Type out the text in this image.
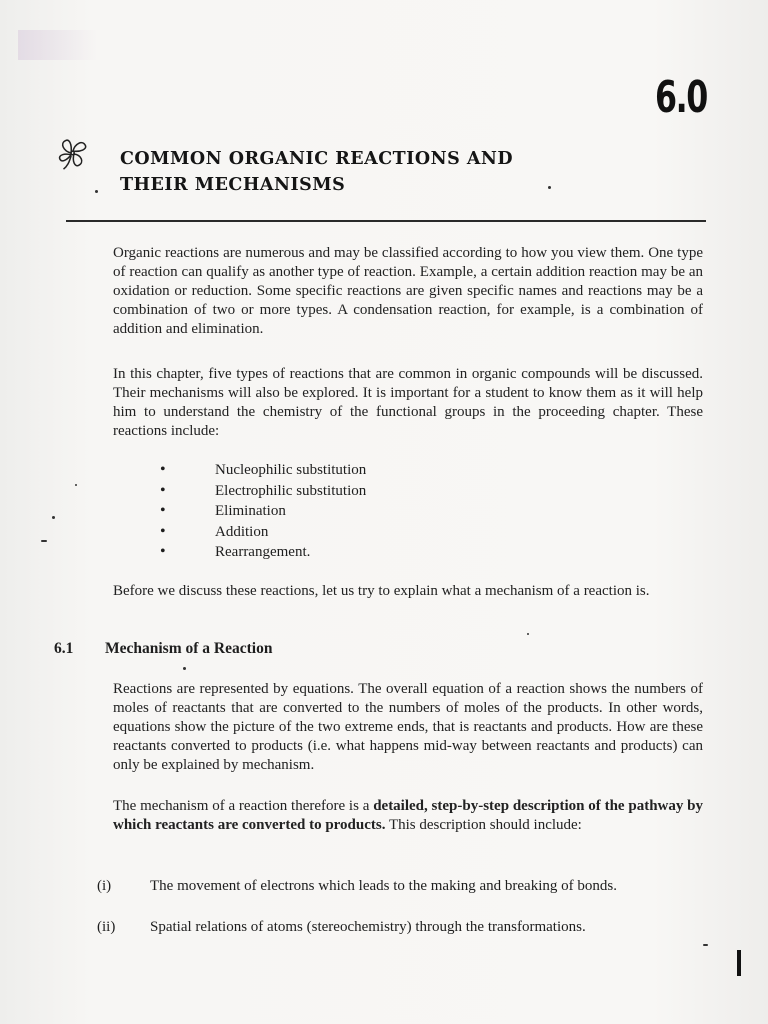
6.0
COMMON ORGANIC REACTIONS AND
THEIR MECHANISMS
Organic reactions are numerous and may be classified according to how you view them. One type of reaction can qualify as another type of reaction. Example, a certain addition reaction may be an oxidation or reduction. Some specific reactions are given specific names and reactions may be a combination of two or more types. A condensation reaction, for example, is a combination of addition and elimination.
In this chapter, five types of reactions that are common in organic compounds will be discussed. Their mechanisms will also be explored. It is important for a student to know them as it will help him to understand the chemistry of the functional groups in the proceeding chapter. These reactions include:
• Nucleophilic substitution
• Electrophilic substitution
• Elimination
• Addition
• Rearrangement.
Before we discuss these reactions, let us try to explain what a mechanism of a reaction is.
6.1 Mechanism of a Reaction
Reactions are represented by equations. The overall equation of a reaction shows the numbers of moles of reactants that are converted to the numbers of moles of the products. In other words, equations show the picture of the two extreme ends, that is reactants and products. How are these reactants converted to products (i.e. what happens mid-way between reactants and products) can only be explained by mechanism.
The mechanism of a reaction therefore is a detailed, step-by-step description of the pathway by which reactants are converted to products. This description should include:
(i)	The movement of electrons which leads to the making and breaking of bonds.
(ii) Spatial relations of atoms (stereochemistry) through the transformations.
